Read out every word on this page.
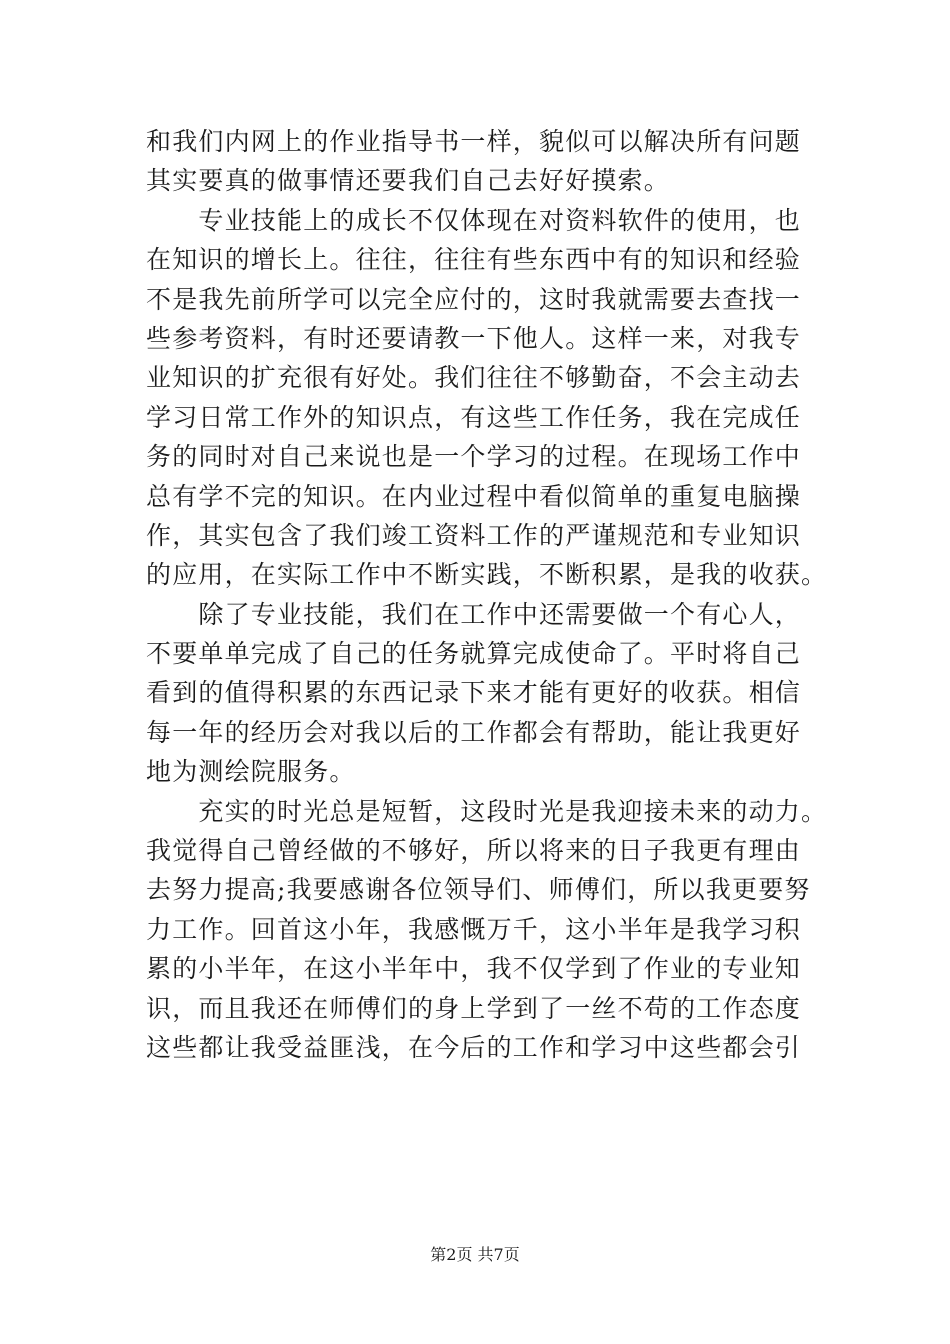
和我们内网上的作业指导书一样，貌似可以解决所有问题
其实要真的做事情还要我们自己去好好摸索。
　　专业技能上的成长不仅体现在对资料软件的使用，也
在知识的增长上。往往，往往有些东西中有的知识和经验
不是我先前所学可以完全应付的，这时我就需要去查找一
些参考资料，有时还要请教一下他人。这样一来，对我专
业知识的扩充很有好处。我们往往不够勤奋，不会主动去
学习日常工作外的知识点，有这些工作任务，我在完成任
务的同时对自己来说也是一个学习的过程。在现场工作中
总有学不完的知识。在内业过程中看似简单的重复电脑操
作，其实包含了我们竣工资料工作的严谨规范和专业知识
的应用，在实际工作中不断实践，不断积累，是我的收获。
　　除了专业技能，我们在工作中还需要做一个有心人，
不要单单完成了自己的任务就算完成使命了。平时将自己
看到的值得积累的东西记录下来才能有更好的收获。相信
每一年的经历会对我以后的工作都会有帮助，能让我更好
地为测绘院服务。
　　充实的时光总是短暂，这段时光是我迎接未来的动力。
我觉得自己曾经做的不够好，所以将来的日子我更有理由
去努力提高;我要感谢各位领导们、师傅们，所以我更要努
力工作。回首这小年，我感慨万千，这小半年是我学习积
累的小半年，在这小半年中，我不仅学到了作业的专业知
识，而且我还在师傅们的身上学到了一丝不苟的工作态度
这些都让我受益匪浅，在今后的工作和学习中这些都会引
第2页 共7页
